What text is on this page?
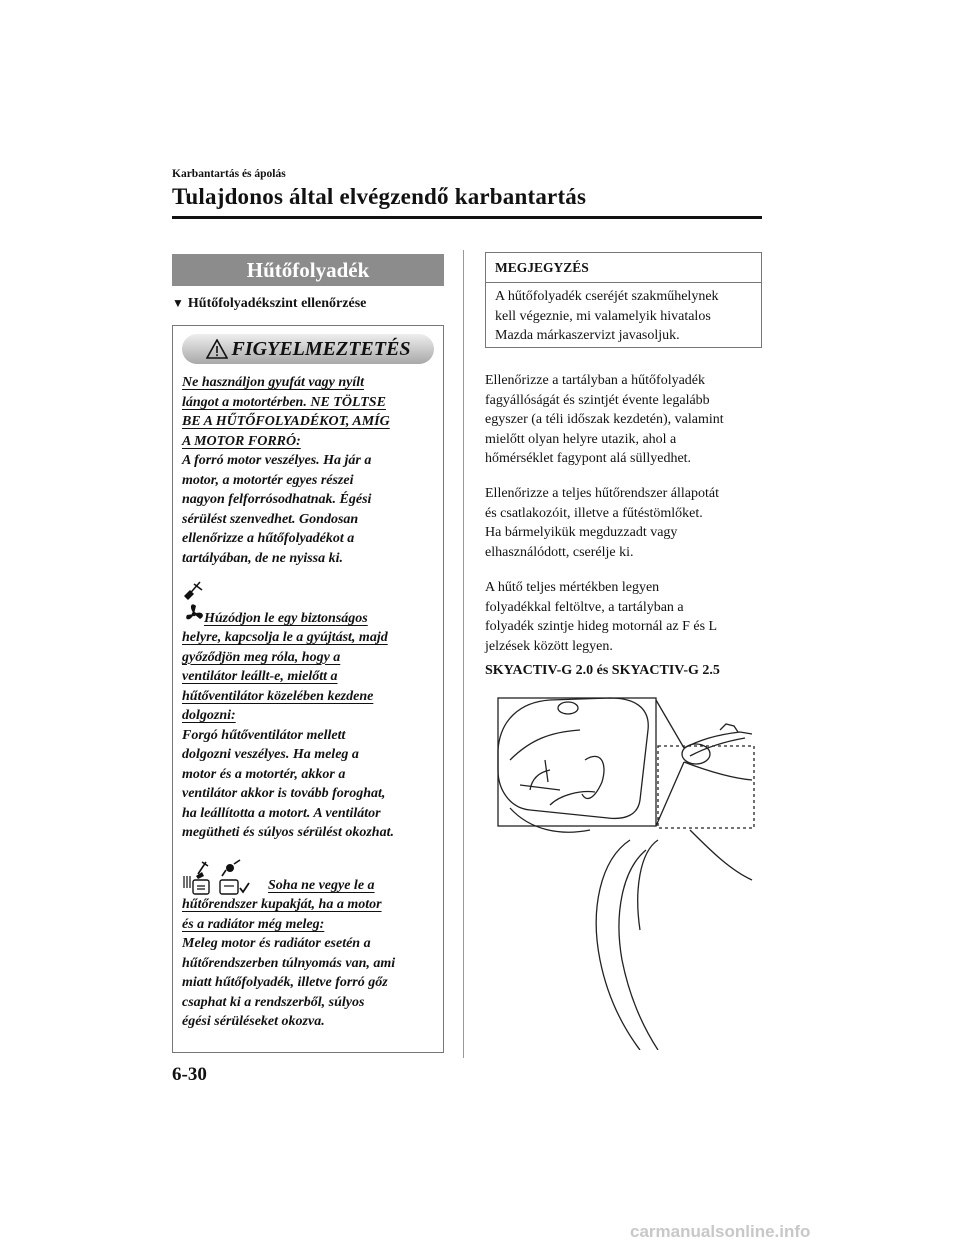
Karbantartás és ápolás
Tulajdonos által elvégzendő karbantartás
Hűtőfolyadék
▼ Hűtőfolyadékszint ellenőrzése
FIGYELMEZTETÉS
Ne használjon gyufát vagy nyílt
lángot a motortérben. NE TÖLTSE
BE A HŰTŐFOLYADÉKOT, AMÍG
A MOTOR FORRÓ:
A forró motor veszélyes. Ha jár a
motor, a motortér egyes részei
nagyon felforrósodhatnak. Égési
sérülést szenvedhet. Gondosan
ellenőrizze a hűtőfolyadékot a
tartályában, de ne nyissa ki.
Húzódjon le egy biztonságos
helyre, kapcsolja le a gyújtást, majd
győződjön meg róla, hogy a
ventilátor leállt-e, mielőtt a
hűtőventilátor közelében kezdene
dolgozni:
Forgó hűtőventilátor mellett
dolgozni veszélyes. Ha meleg a
motor és a motortér, akkor a
ventilátor akkor is tovább foroghat,
ha leállította a motort. A ventilátor
megütheti és súlyos sérülést okozhat.
Soha ne vegye le a
hűtőrendszer kupakját, ha a motor
és a radiátor még meleg:
Meleg motor és radiátor esetén a
hűtőrendszerben túlnyomás van, ami
miatt hűtőfolyadék, illetve forró gőz
csaphat ki a rendszerből, súlyos
égési sérüléseket okozva.
MEGJEGYZÉS
A hűtőfolyadék cseréjét szakműhelynek
kell végeznie, mi valamelyik hivatalos
Mazda márkaszervizt javasoljuk.
Ellenőrizze a tartályban a hűtőfolyadék
fagyállóságát és szintjét évente legalább
egyszer (a téli időszak kezdetén), valamint
mielőtt olyan helyre utazik, ahol a
hőmérséklet fagypont alá süllyedhet.
Ellenőrizze a teljes hűtőrendszer állapotát
és csatlakozóit, illetve a fűtéstömlőket.
Ha bármelyikük megduzzadt vagy
elhasználódott, cserélje ki.
A hűtő teljes mértékben legyen
folyadékkal feltöltve, a tartályban a
folyadék szintje hideg motornál az F és L
jelzések között legyen.
SKYACTIV-G 2.0 és SKYACTIV-G 2.5
6-30
carmanualsonline.info
